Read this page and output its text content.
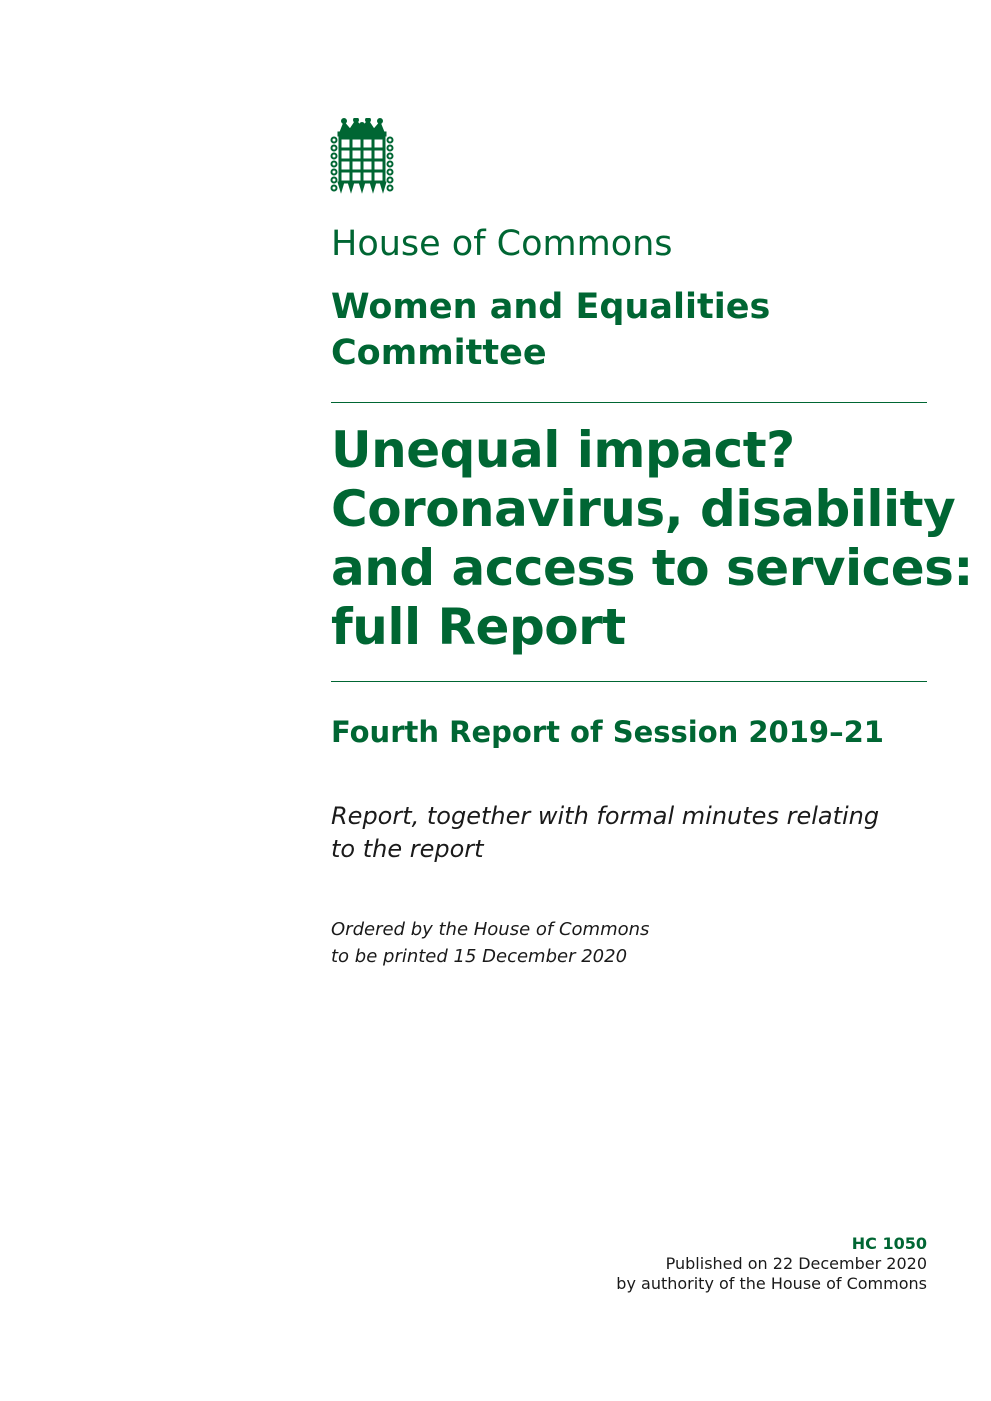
House of Commons
Women and Equalities
Committee
Unequal impact?
Coronavirus, disability
and access to services:
full Report
Fourth Report of Session 2019–21

Report, together with formal minutes relating
to the report

Ordered by the House of Commons
to be printed 15 December 2020

HC 1050
Published on 22 December 2020
by authority of the House of Commons
